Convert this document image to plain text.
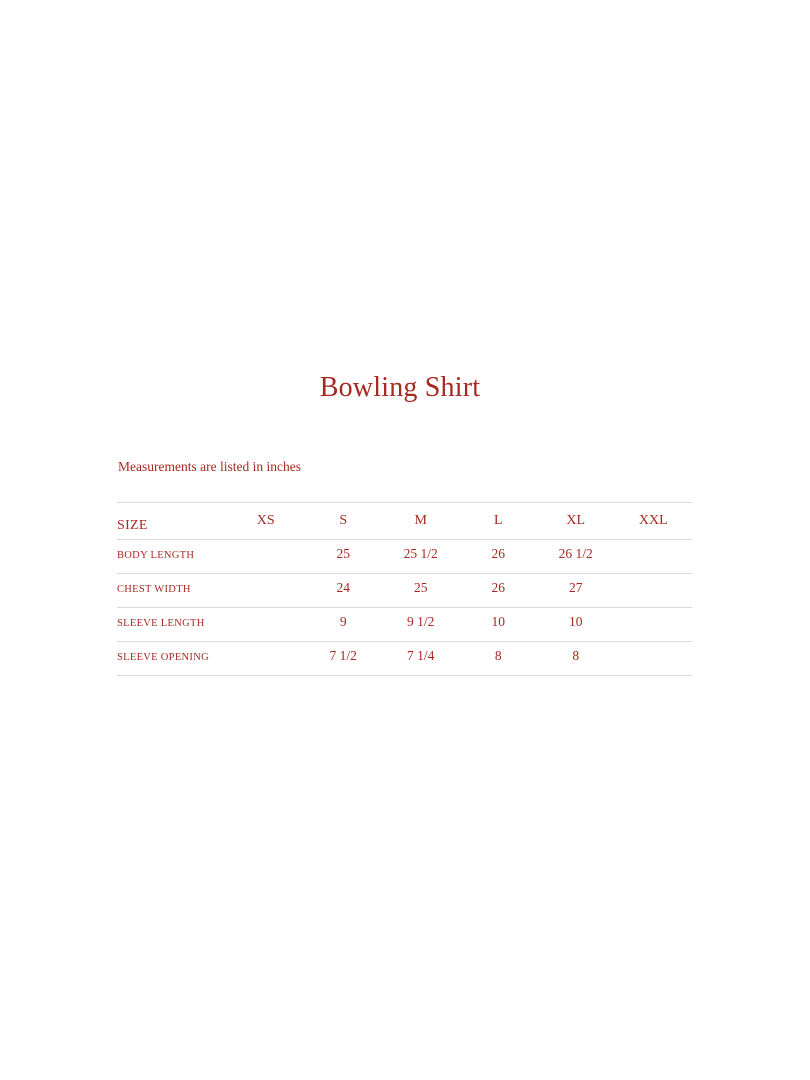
Bowling Shirt

Measurements are listed in inches

SIZE	XS	S	M	L	XL	XXL
BODY LENGTH		25	25 1/2	26	26 1/2	
CHEST WIDTH		24	25	26	27	
SLEEVE LENGTH		9	9 1/2	10	10	
SLEEVE OPENING		7 1/2	7 1/4	8	8	
